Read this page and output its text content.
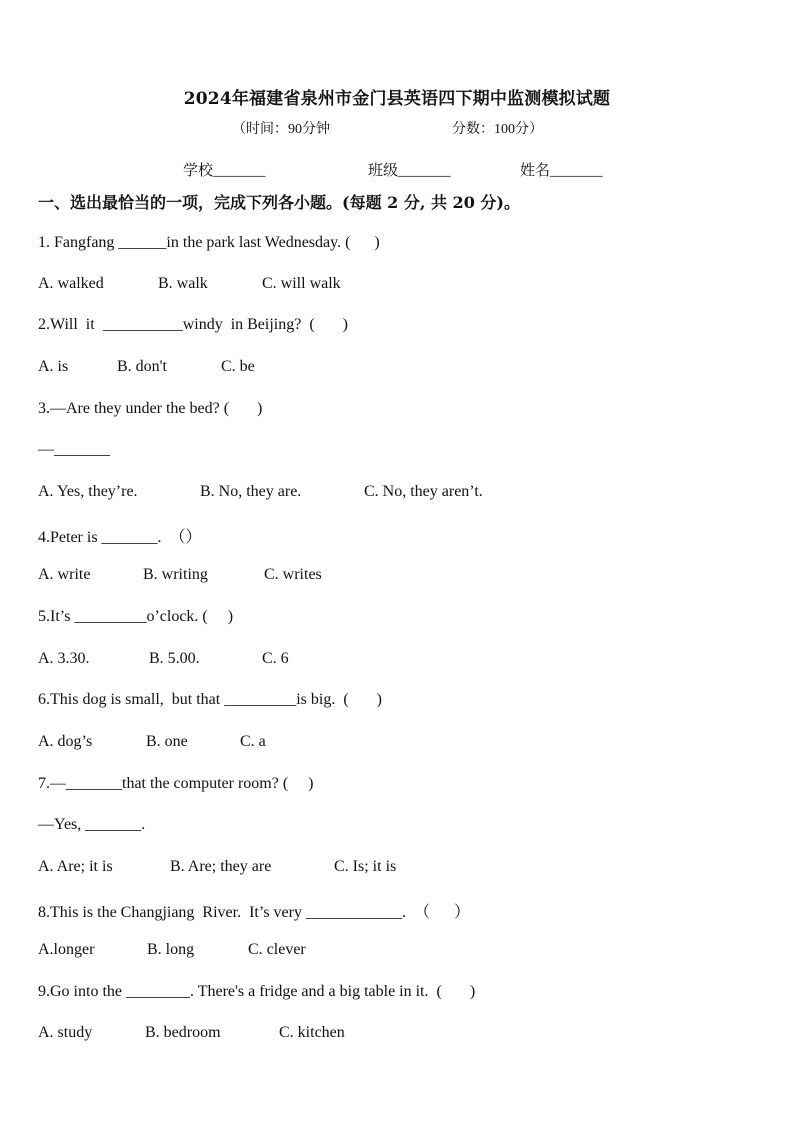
2024年福建省泉州市金门县英语四下期中监测模拟试题
（时间：90分钟	分数：100分）
学校_______	班级_______	姓名_______
一、选出最恰当的一项，完成下列各小题。(每题 2 分, 共 20 分)。
1. Fangfang ______in the park last Wednesday. (      )
A. walked	B. walk	C. will walk
2.Will  it  __________windy  in Beijing?  (       )
A. is	B. don't	C. be
3.—Are they under the bed? (       )
—_______
A. Yes, they’re.	B. No, they are.	C. No, they aren’t.
4.Peter is _______.  （）
A. write	B. writing	C. writes
5.It’s _________o’clock. (     )
A. 3.30.	B. 5.00.	C. 6
6.This dog is small,  but that _________is big.  (       )
A. dog’s	B. one	C. a
7.—_______that the computer room? (     )
—Yes, _______.
A. Are; it is	B. Are; they are	C. Is; it is
8.This is the Changjiang  River.  It’s very ____________.  （      ）
A.longer	B. long	C. clever
9.Go into the ________. There's a fridge and a big table in it.  (       )
A. study	B. bedroom	C. kitchen
